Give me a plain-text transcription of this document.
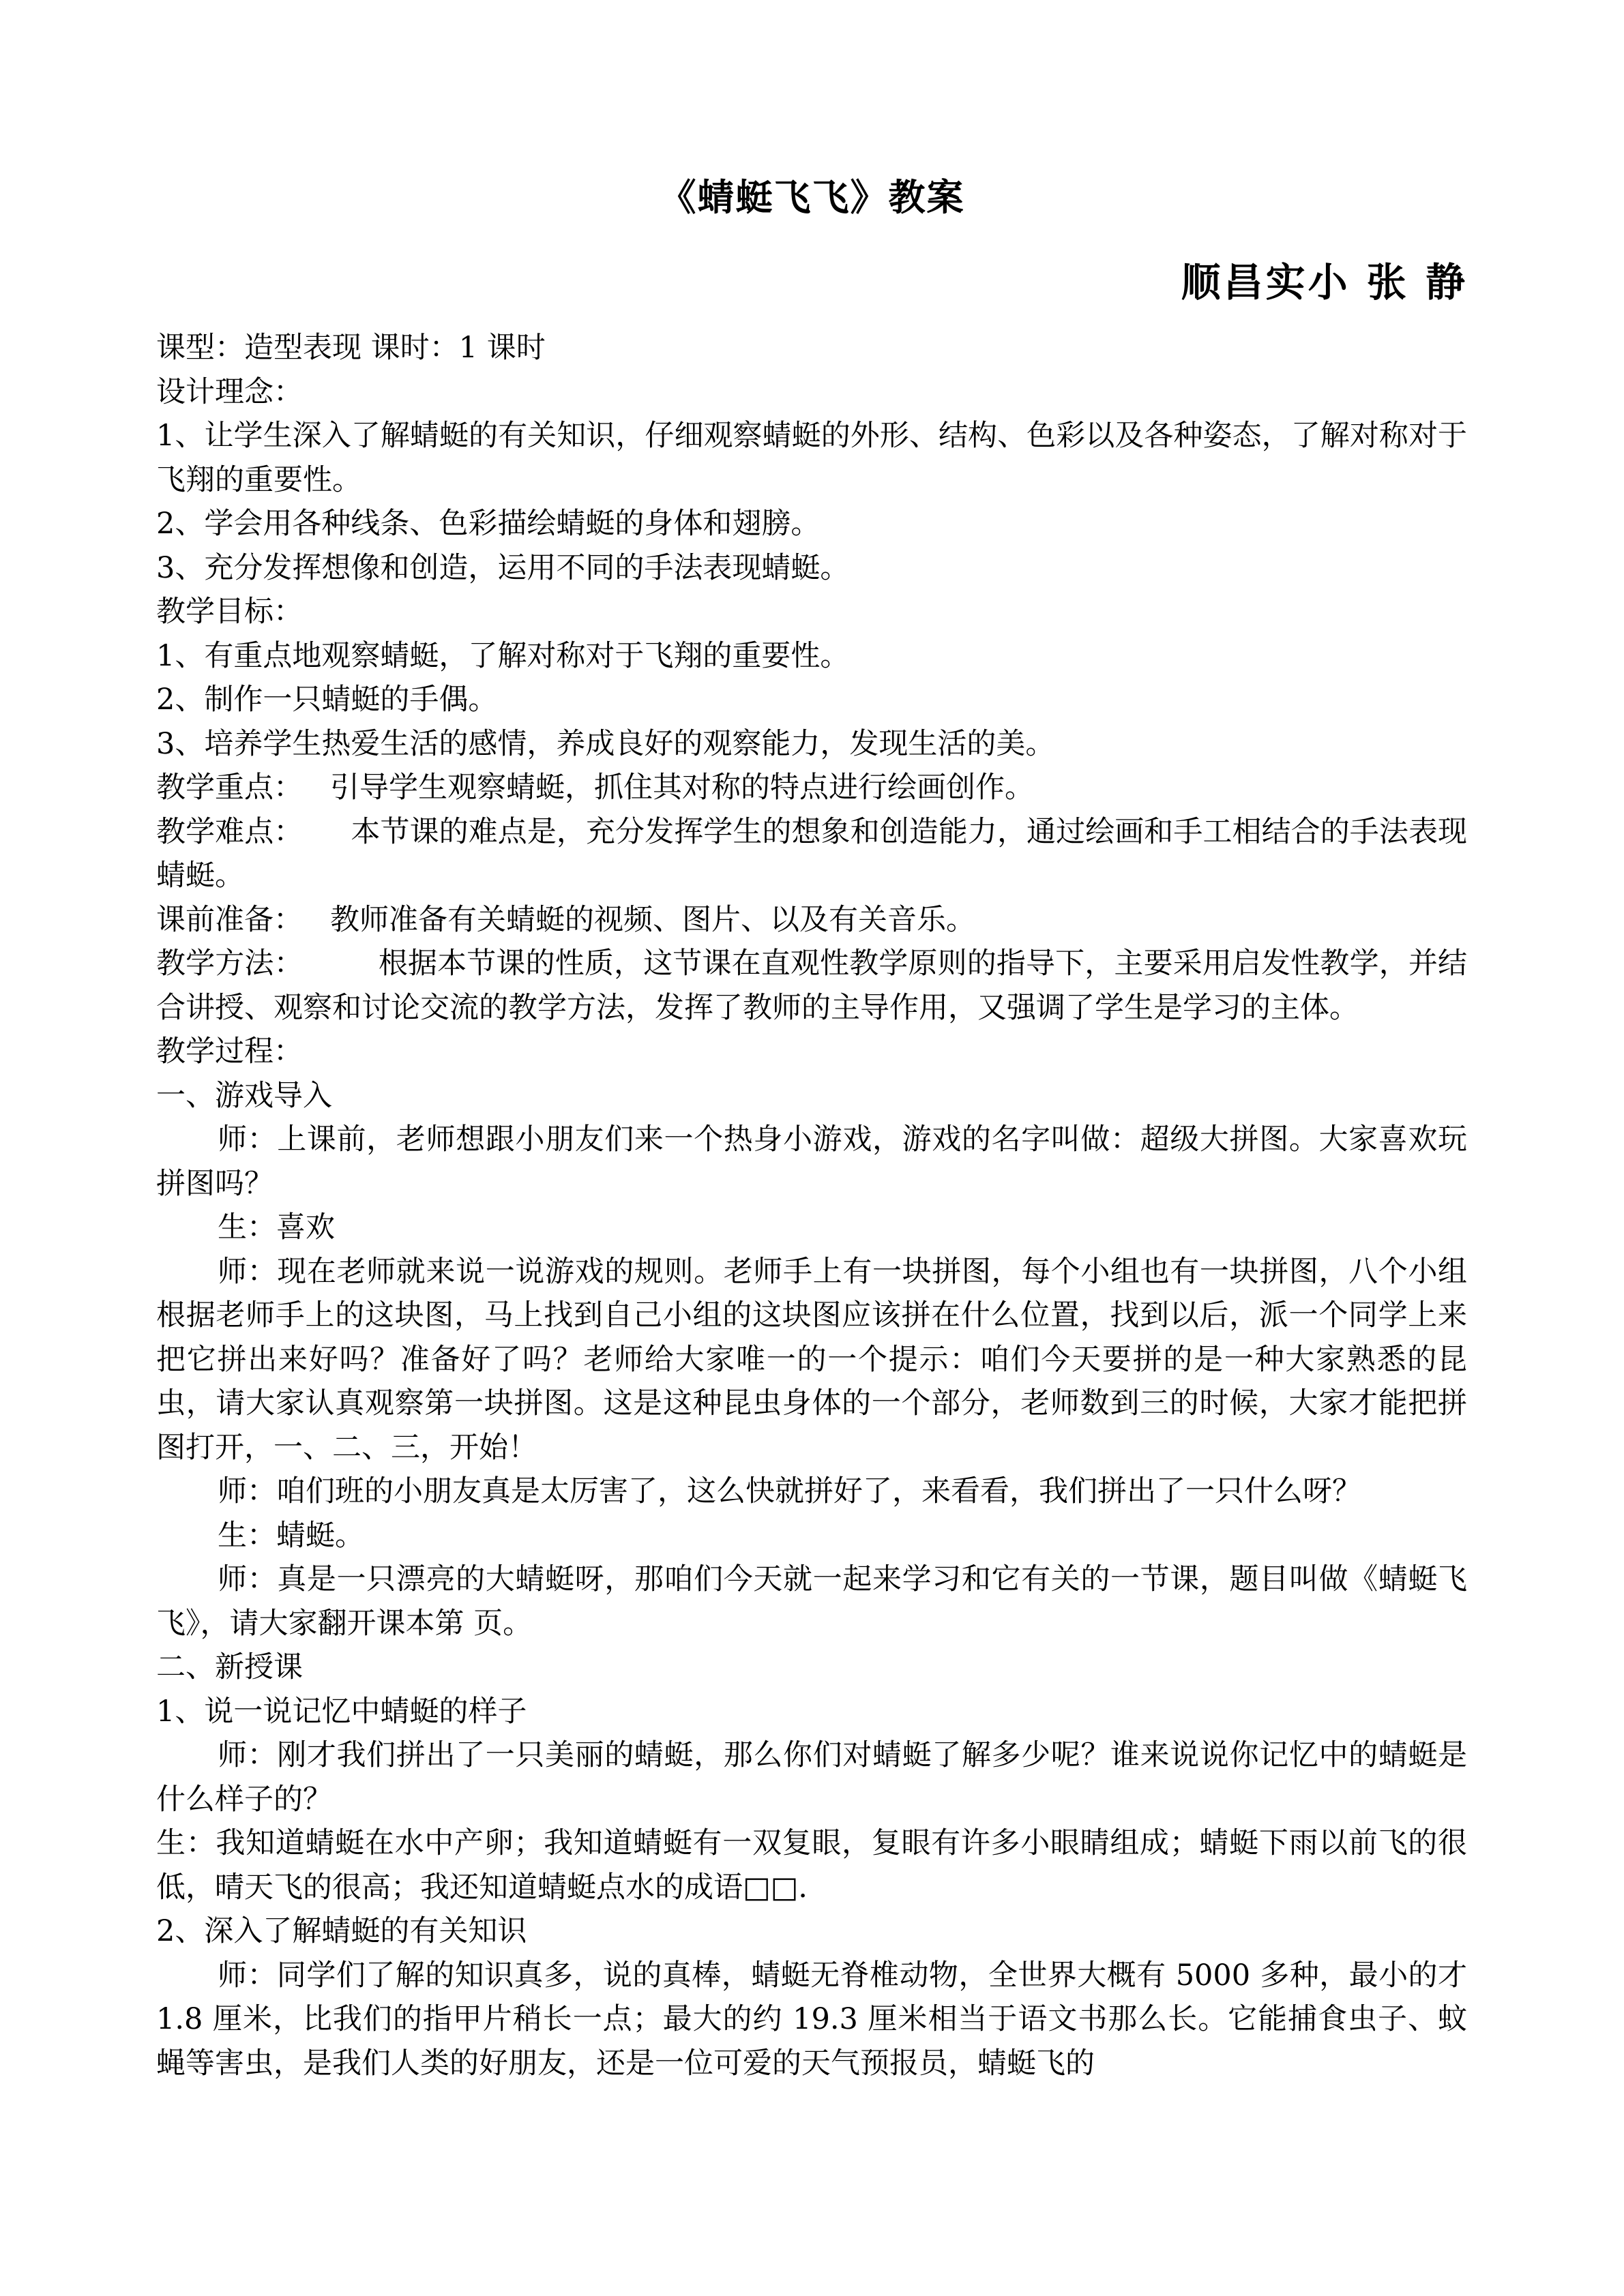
《蜻蜓飞飞》教案
顺昌实小 张 静

课型：造型表现 课时：1 课时

设计理念：

1、让学生深入了解蜻蜓的有关知识，仔细观察蜻蜓的外形、结构、色彩以及各种姿态，了解对称对于飞翔的重要性。

2、学会用各种线条、色彩描绘蜻蜓的身体和翅膀。

3、充分发挥想像和创造，运用不同的手法表现蜻蜓。

教学目标：

1、有重点地观察蜻蜓，了解对称对于飞翔的重要性。

2、制作一只蜻蜓的手偶。

3、培养学生热爱生活的感情，养成良好的观察能力，发现生活的美。

教学重点： 引导学生观察蜻蜓，抓住其对称的特点进行绘画创作。

教学难点： 本节课的难点是，充分发挥学生的想象和创造能力，通过绘画和手工相结合的手法表现蜻蜓。

课前准备： 教师准备有关蜻蜓的视频、图片、以及有关音乐。

教学方法：	根据本节课的性质，这节课在直观性教学原则的指导下，主要采用启发性教学，并结合讲授、观察和讨论交流的教学方法，发挥了教师的主导作用，又强调了学生是学习的主体。

教学过程：

一、游戏导入

师：上课前，老师想跟小朋友们来一个热身小游戏，游戏的名字叫做：超级大拼图。大家喜欢玩拼图吗？

生：喜欢

师：现在老师就来说一说游戏的规则。老师手上有一块拼图，每个小组也有一块拼图，八个小组根据老师手上的这块图，马上找到自己小组的这块图应该拼在什么位置，找到以后，派一个同学上来把它拼出来好吗？准备好了吗？老师给大家唯一的一个提示：咱们今天要拼的是一种大家熟悉的昆虫，请大家认真观察第一块拼图。这是这种昆虫身体的一个部分，老师数到三的时候，大家才能把拼图打开，一、二、三，开始！

师：咱们班的小朋友真是太厉害了，这么快就拼好了，来看看，我们拼出了一只什么呀？

生：蜻蜓。

师：真是一只漂亮的大蜻蜓呀，那咱们今天就一起来学习和它有关的一节课，题目叫做《蜻蜓飞飞》，请大家翻开课本第 页。

二、新授课

1、说一说记忆中蜻蜓的样子

师：刚才我们拼出了一只美丽的蜻蜓，那么你们对蜻蜓了解多少呢？谁来说说你记忆中的蜻蜓是什么样子的？

生：我知道蜻蜓在水中产卵；我知道蜻蜓有一双复眼，复眼有许多小眼睛组成；蜻蜓下雨以前飞的很低，晴天飞的很高；我还知道蜻蜓点水的成语□□.

2、深入了解蜻蜓的有关知识

师：同学们了解的知识真多，说的真棒，蜻蜓无脊椎动物，全世界大概有 5000 多种，最小的才 1.8 厘米，比我们的指甲片稍长一点；最大的约 19.3 厘米相当于语文书那么长。它能捕食虫子、蚊蝇等害虫，是我们人类的好朋友，还是一位可爱的天气预报员，蜻蜓飞的
